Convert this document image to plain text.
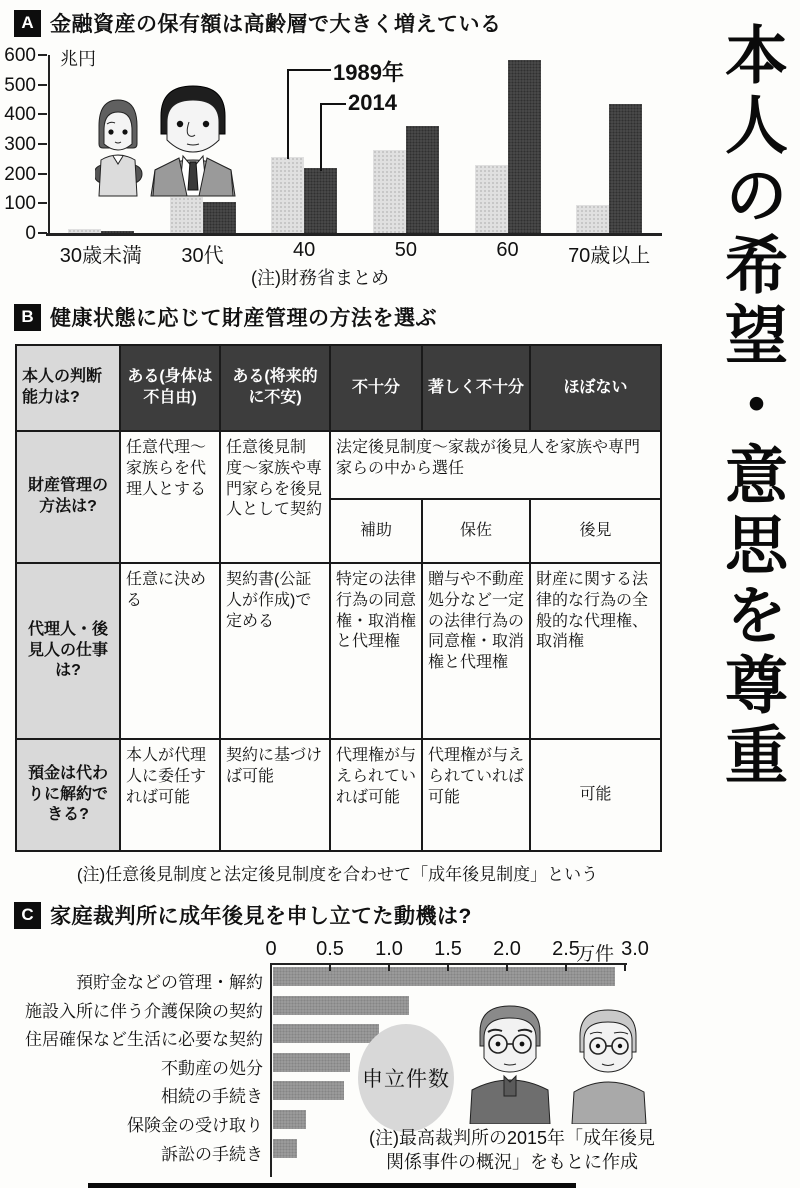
本人の希望・意思を尊重
A 金融資産の保有額は高齢層で大きく増えている
兆円
0
100
200
300
400
500
600
30歳未満	30代	40	50	60	70歳以上
1989年
2014
(注)財務省まとめ
B 健康状態に応じて財産管理の方法を選ぶ
本人の判断能力は?	ある(身体は不自由)	ある(将来的に不安)	不十分	著しく不十分	ほぼない
財産管理の方法は?	任意代理〜家族らを代理人とする	任意後見制度〜家族や専門家らを後見人として契約	法定後見制度〜家裁が後見人を家族や専門家らの中から選任		
			補助	保佐	後見
代理人・後見人の仕事は?	任意に決める	契約書(公証人が作成)で定める	特定の法律行為の同意権・取消権と代理権	贈与や不動産処分など一定の法律行為の同意権・取消権と代理権	財産に関する法律的な行為の全般的な代理権、取消権
預金は代わりに解約できる?	本人が代理人に委任すれば可能	契約に基づけば可能	代理権が与えられていれば可能	代理権が与えられていれば可能	可能
(注)任意後見制度と法定後見制度を合わせて「成年後見制度」という
C 家庭裁判所に成年後見を申し立てた動機は?
万件
預貯金などの管理・解約
施設入所に伴う介護保険の契約
住居確保など生活に必要な契約
不動産の処分
相続の手続き
保険金の受け取り
訴訟の手続き
申立件数
(注)最高裁判所の2015年「成年後見
関係事件の概況」をもとに作成
0	0.5	1.0	1.5	2.0	2.5	3.0
